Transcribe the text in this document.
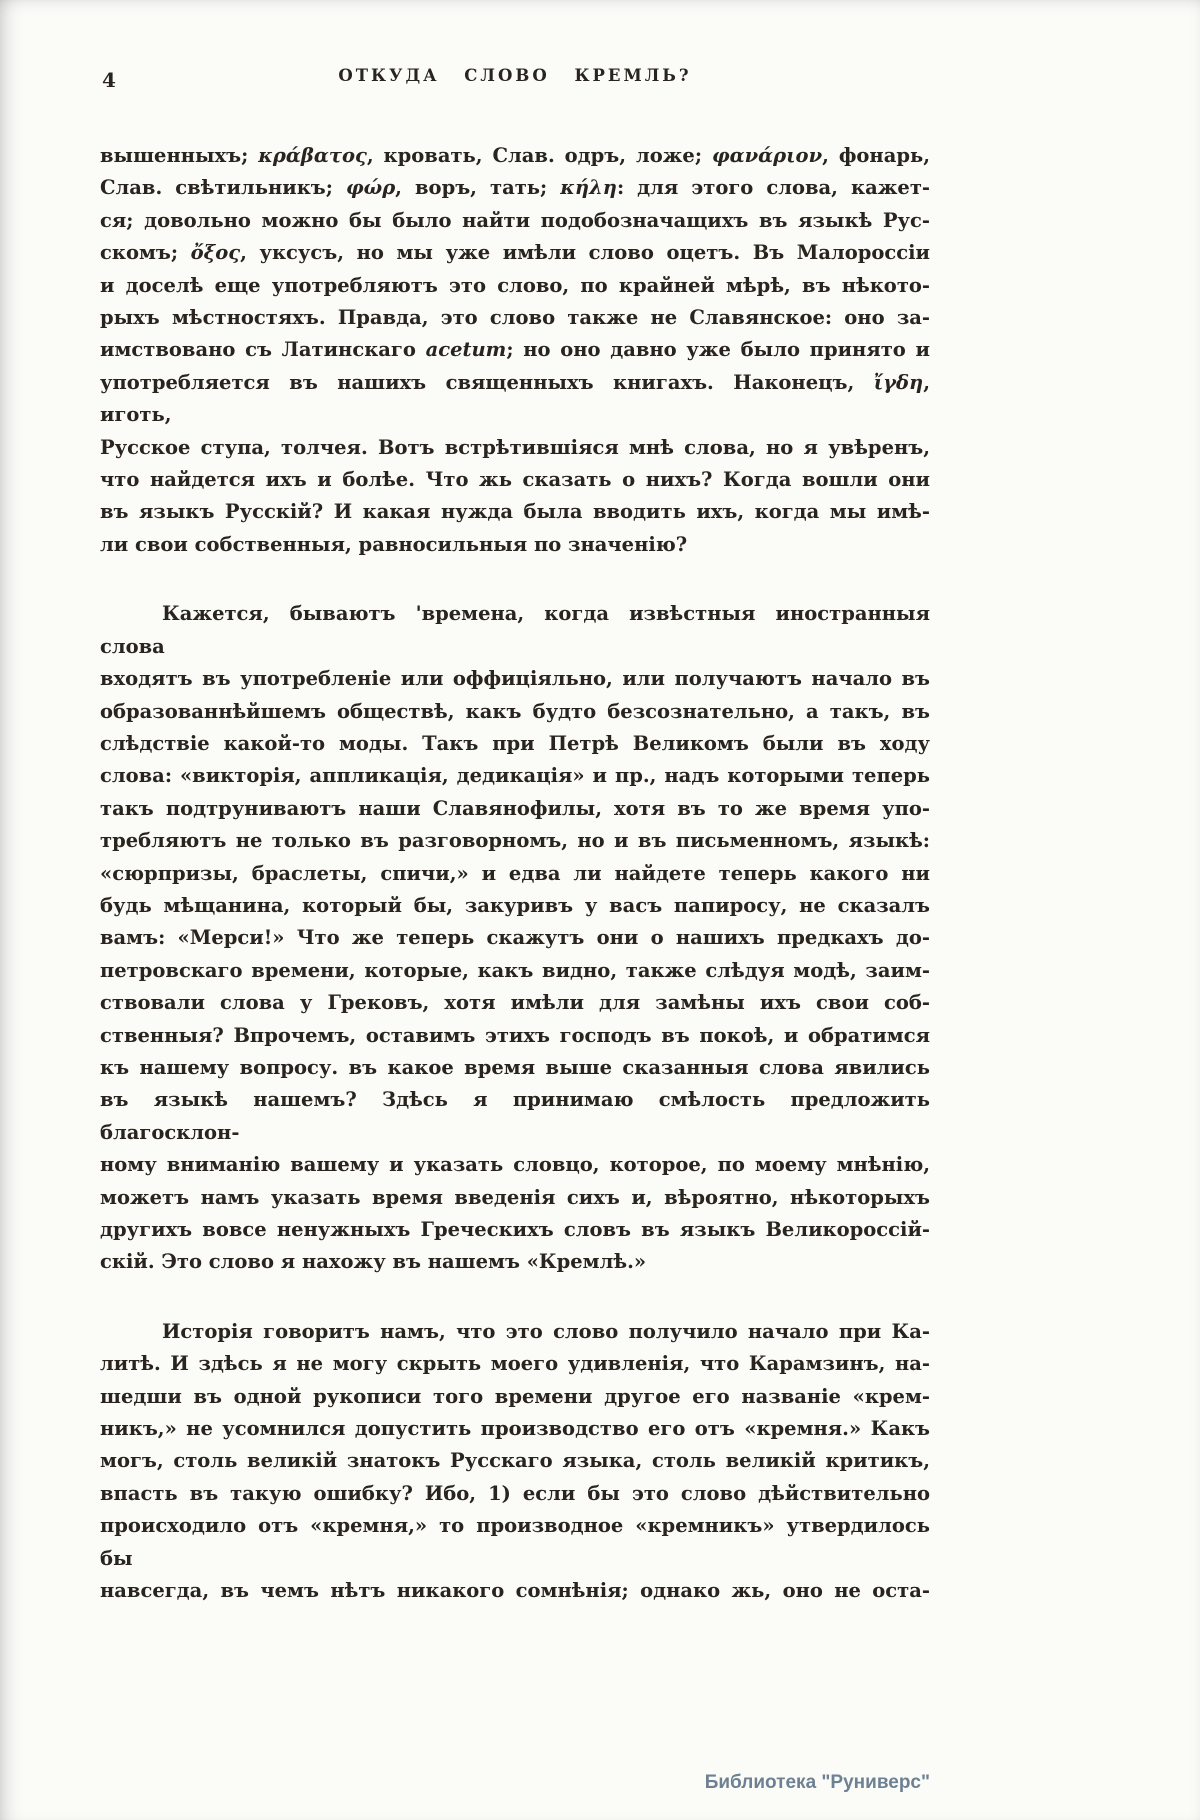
4	ОТКУДА СЛОВО КРЕМЛЬ?
вышенныхъ; κράβατος, кровать, Слав. одръ, ложе; φανάριον, фонарь,
Слав. свѣтильникъ; φώρ, воръ, тать; κήλη: для этого слова, кажет-
ся; довольно можно бы было найти подобозначащихъ въ языкѣ Рус-
скомъ; ὄξος, уксусъ, но мы уже имѣли слово оцетъ. Въ Малороссіи
и доселѣ еще употребляютъ это слово, по крайней мѣрѣ, въ нѣкото-
рыхъ мѣстностяхъ. Правда, это слово также не Славянское: оно за-
имствовано съ Латинскаго acetum; но оно давно уже было принято и
употребляется въ нашихъ священныхъ книгахъ. Наконецъ, ἴγδη, иготь,
Русское ступа, толчея. Вотъ встрѣтившіяся мнѣ слова, но я увѣренъ,
что найдется ихъ и болѣе. Что жь сказать о нихъ? Когда вошли они
въ языкъ Русскій? И какая нужда была вводить ихъ, когда мы имѣ-
ли свои собственныя, равносильныя по значенію?
Кажется, бываютъ 'времена, когда извѣстныя иностранныя слова
входятъ въ употребленіе или оффиціяльно, или получаютъ начало въ
образованнѣйшемъ обществѣ, какъ будто безсознательно, а такъ, въ
слѣдствіе какой-то моды. Такъ при Петрѣ Великомъ были въ ходу
слова: «викторія, аппликація, дедикація» и пр., надъ которыми теперь
такъ подтруниваютъ наши Славянофилы, хотя въ то же время упо-
требляютъ не только въ разговорномъ, но и въ письменномъ, языкѣ:
«сюрпризы, браслеты, спичи,» и едва ли найдете теперь какого ни
будь мѣщанина, который бы, закуривъ у васъ папиросу, не сказалъ
вамъ: «Мерси!» Что же теперь скажутъ они о нашихъ предкахъ до-
петровскаго времени, которые, какъ видно, также слѣдуя модѣ, заим-
ствовали слова у Грековъ, хотя имѣли для замѣны ихъ свои соб-
ственныя? Впрочемъ, оставимъ этихъ господъ въ покоѣ, и обратимся
къ нашему вопросу. въ какое время выше сказанныя слова явились
въ языкѣ нашемъ? Здѣсь я принимаю смѣлость предложить благосклон-
ному вниманію вашему и указать словцо, которое, по моему мнѣнію,
можетъ намъ указать время введенія сихъ и, вѣроятно, нѣкоторыхъ
другихъ вовсе ненужныхъ Греческихъ словъ въ языкъ Великороссій-
скій. Это слово я нахожу въ нашемъ «Кремлѣ.»
Исторія говоритъ намъ, что это слово получило начало при Ка-
литѣ. И здѣсь я не могу скрыть моего удивленія, что Карамзинъ, на-
шедши въ одной рукописи того времени другое его названіе «крем-
никъ,» не усомнился допустить производство его отъ «кремня.» Какъ
могъ, столь великій знатокъ Русскаго языка, столь великій критикъ,
впасть въ такую ошибку? Ибо, 1) если бы это слово дѣйствительно
происходило отъ «кремня,» то производное «кремникъ» утвердилось бы
навсегда, въ чемъ нѣтъ никакого сомнѣнія; однако жь, оно не оста-
Библиотека "Руниверс"
